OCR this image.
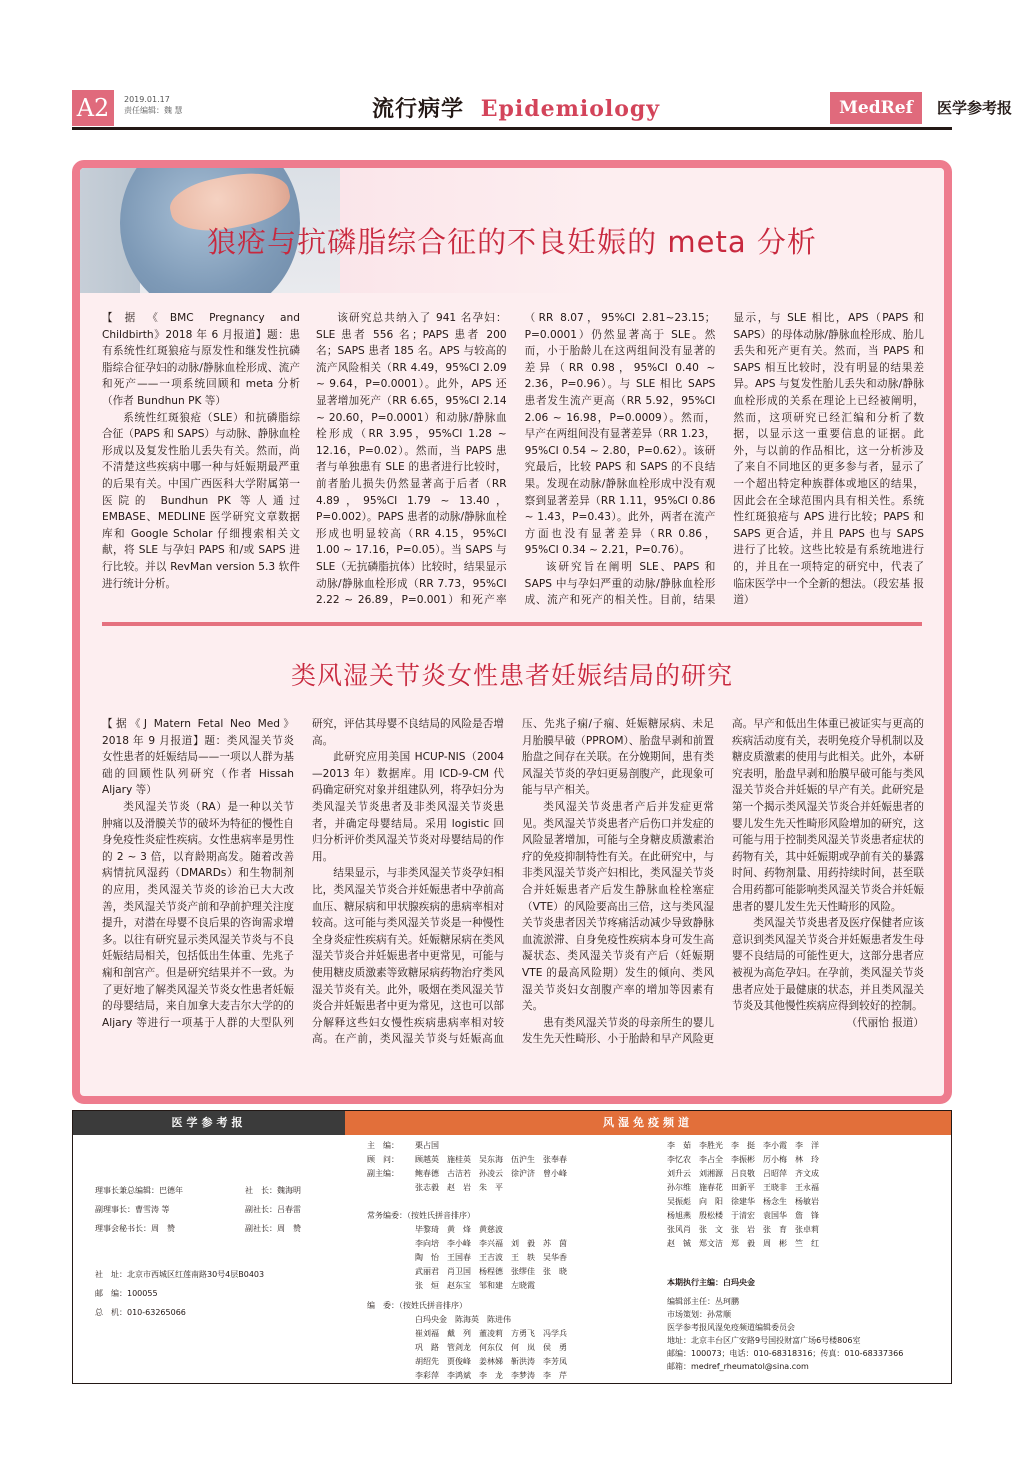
A2	2019.01.17
责任编辑：魏 慧	流行病学 Epidemiology	MedRef	医学参考报
狼疮与抗磷脂综合征的不良妊娠的 meta 分析

【据《BMC Pregnancy and Childbirth》2018 年 6 月报道】题：患有系统性红斑狼疮与原发性和继发性抗磷脂综合征孕妇的动脉/静脉血栓形成、流产和死产——一项系统回顾和 meta 分析（作者 Bundhun PK 等）

系统性红斑狼疮（SLE）和抗磷脂综合征（PAPS 和 SAPS）与动脉、静脉血栓形成以及复发性胎儿丢失有关。然而，尚不清楚这些疾病中哪一种与妊娠期最严重的后果有关。中国广西医科大学附属第一医院的 Bundhun PK 等人通过 EMBASE、MEDLINE 医学研究文章数据库和 Google Scholar 仔细搜索相关文献，将 SLE 与孕妇 PAPS 和/或 SAPS 进行比较。并以 RevMan version 5.3 软件进行统计分析。

该研究总共纳入了 941 名孕妇：SLE 患者 556 名；PAPS 患者 200 名；SAPS 患者 185 名。APS 与较高的流产风险相关（RR 4.49，95%CI 2.09 ~ 9.64，P=0.0001）。此外，APS 还显著增加死产（RR 6.65，95%CI 2.14 ~ 20.60，P=0.0001）和动脉/静脉血栓形成（RR 3.95，95%CI 1.28 ~ 12.16，P=0.02）。然而，当 PAPS 患者与单独患有 SLE 的患者进行比较时，前者胎儿损失仍然显著高于后者（RR 4.89，95%CI 1.79 ~ 13.40，P=0.002）。PAPS 患者的动脉/静脉血栓形成也明显较高（RR 4.15，95%CI 1.00 ~ 17.16，P=0.05）。当 SAPS 与 SLE（无抗磷脂抗体）比较时，结果显示动脉/静脉血栓形成（RR 7.73，95%CI 2.22 ~ 26.89，P=0.001）和死产率（RR 8.07，95%CI 2.81~23.15；P=0.0001）仍然显著高于 SLE。然而，小于胎龄儿在这两组间没有显著的差异（RR 0.98，95%CI 0.40 ~ 2.36，P=0.96）。与 SLE 相比 SAPS 患者发生流产更高（RR 5.92，95%CI 2.06 ~ 16.98，P=0.0009）。然而，早产在两组间没有显著差异（RR 1.23，95%CI 0.54 ~ 2.80，P=0.62）。该研究最后，比较 PAPS 和 SAPS 的不良结果。发现在动脉/静脉血栓形成中没有观察到显著差异（RR 1.11，95%CI 0.86 ~ 1.43，P=0.43）。此外，两者在流产方面也没有显著差异（RR 0.86，95%CI 0.34 ~ 2.21，P=0.76）。

该研究旨在阐明 SLE、PAPS 和 SAPS 中与孕妇严重的动脉/静脉血栓形成、流产和死产的相关性。目前，结果显示，与 SLE 相比，APS（PAPS 和 SAPS）的母体动脉/静脉血栓形成、胎儿丢失和死产更有关。然而，当 PAPS 和 SAPS 相互比较时，没有明显的结果差异。APS 与复发性胎儿丢失和动脉/静脉血栓形成的关系在理论上已经被阐明，然而，这项研究已经汇编和分析了数据，以显示这一重要信息的证据。此外，与以前的作品相比，这一分析涉及了来自不同地区的更多参与者，显示了一个超出特定种族群体或地区的结果，因此会在全球范围内具有相关性。系统性红斑狼疮与 APS 进行比较；PAPS 和 SAPS 更合适，并且 PAPS 也与 SAPS 进行了比较。这些比较是有系统地进行的，并且在一项特定的研究中，代表了临床医学中一个全新的想法。（段宏基 报道）

类风湿关节炎女性患者妊娠结局的研究

【据《J Matern Fetal Neo Med》2018 年 9 月报道】题：类风湿关节炎女性患者的妊娠结局——一项以人群为基础的回顾性队列研究（作者 Hissah Aljary 等）

类风湿关节炎（RA）是一种以关节肿痛以及滑膜关节的破坏为特征的慢性自身免疫性炎症性疾病。女性患病率是男性的 2 ~ 3 倍，以育龄期高发。随着改善病情抗风湿药（DMARDs）和生物制剂的应用，类风湿关节炎的诊治已大大改善，类风湿关节炎产前和孕前护理关注度提升，对潜在母婴不良后果的咨询需求增多。以往有研究显示类风湿关节炎与不良妊娠结局相关，包括低出生体重、先兆子痫和剖宫产。但是研究结果并不一致。为了更好地了解类风湿关节炎女性患者妊娠的母婴结局，来自加拿大麦吉尔大学的的 Aljary 等进行一项基于人群的大型队列研究，评估其母婴不良结局的风险是否增高。

此研究应用美国 HCUP-NIS（2004—2013 年）数据库。用 ICD-9-CM 代码确定研究对象并组建队列，将孕妇分为类风湿关节炎患者及非类风湿关节炎患者，并确定母婴结局。采用 logistic 回归分析评价类风湿关节炎对母婴结局的作用。

结果显示，与非类风湿关节炎孕妇相比，类风湿关节炎合并妊娠患者中孕前高血压、糖尿病和甲状腺疾病的患病率相对较高。这可能与类风湿关节炎是一种慢性全身炎症性疾病有关。妊娠糖尿病在类风湿关节炎合并妊娠患者中更常见，可能与使用糖皮质激素等致糖尿病药物治疗类风湿关节炎有关。此外，吸烟在类风湿关节炎合并妊娠患者中更为常见，这也可以部分解释这些妇女慢性疾病患病率相对较高。在产前，类风湿关节炎与妊娠高血压、先兆子痫/子痫、妊娠糖尿病、未足月胎膜早破（PPROM）、胎盘早剥和前置胎盘之间存在关联。在分娩期间，患有类风湿关节炎的孕妇更易剖腹产，此现象可能与早产相关。

类风湿关节炎患者产后并发症更常见。类风湿关节炎患者产后伤口并发症的风险显著增加，可能与全身糖皮质激素治疗的免疫抑制特性有关。在此研究中，与非类风湿关节炎产妇相比，类风湿关节炎合并妊娠患者产后发生静脉血栓栓塞症（VTE）的风险要高出三倍，这与类风湿关节炎患者因关节疼痛活动减少导致静脉血流淤滞、自身免疫性疾病本身可发生高凝状态、类风湿关节炎有产后（妊娠期 VTE 的最高风险期）发生的倾向、类风湿关节炎妇女剖腹产率的增加等因素有关。

患有类风湿关节炎的母亲所生的婴儿发生先天性畸形、小于胎龄和早产风险更高。早产和低出生体重已被证实与更高的疾病活动度有关，表明免疫介导机制以及糖皮质激素的使用与此相关。此外，本研究表明，胎盘早剥和胎膜早破可能与类风湿关节炎合并妊娠的早产有关。此研究是第一个揭示类风湿关节炎合并妊娠患者的婴儿发生先天性畸形风险增加的研究，这可能与用于控制类风湿关节炎患者症状的药物有关，其中妊娠期或孕前有关的暴露时间、药物剂量、用药持续时间，甚至联合用药都可能影响类风湿关节炎合并妊娠患者的婴儿发生先天性畸形的风险。

类风湿关节炎患者及医疗保健者应该意识到类风湿关节炎合并妊娠患者发生母婴不良结局的可能性更大，这部分患者应被视为高危孕妇。在孕前，类风湿关节炎患者应处于最健康的状态，并且类风湿关节炎及其他慢性疾病应得到较好的控制。

（代丽怡 报道）

医学参考报
理事长兼总编辑：巴德年	社　长：魏海明
副理事长：曹雪涛 等	副社长：吕春雷
理事会秘书长：周　赞	副社长：周　赞
社　址：北京市西城区红莲南路30号4层B0403
邮　编：100055
总　机：010-63265066
风湿免疫频道
主　编：	栗占国
顾　问：	顾越英　施桂英　吴东海　伍沪生　张奉春
副主编：	鲍春德　古洁若　孙凌云　徐沪济　曾小峰
张志毅　赵　岩　朱　平
常务编委：（按姓氏拼音排序）
毕黎琦　黄　烽　黄慈波
李向培　李小峰　李兴福　刘　毅　苏　茵
陶　怡　王国春　王吉波　王　轶　吴华香
武丽君　肖卫国　杨程德　张缪佳　张　晓
张　烜　赵东宝　邹和建　左晓霞
编　委：（按姓氏拼音排序）
白玛央金　陈海英　陈进伟
崔刘福　戴　列　董凌莉　方勇飞　冯学兵
巩　路　管剑龙　何东仪　何　岚　侯　勇
胡绍先　贾俊峰　姜林娣　靳洪涛　李芳凤
李彩萍　李鸿斌　李　龙　李梦涛　李　芹
李　茹　李胜光　李　挺　李小霞　李　洋
李忆农　李占全　李振彬　厉小梅　林　玲
刘升云　刘湘源　吕良敬　吕昭萍　齐文成
孙尔维　施春花　田新平　王晓非　王永福
吴振彪　向　阳　徐建华　杨念生　杨敏岩
杨旭燕　殷松楼　于清宏　袁国华　詹　锋
张风肖　张　文　张　岩　张　育　张卓莉
赵　铖　郑文洁　郑　毅　周　彬　竺　红
本期执行主编：白玛央金
编辑部主任：丛珂鹏
市场策划：孙常顺
医学参考报风湿免疫频道编辑委员会
地址：北京丰台区广安路9号国投财富广场6号楼806室
邮编：100073；电话：010-68318316；传真：010-68337366
邮箱：medref_rheumatol@sina.com
